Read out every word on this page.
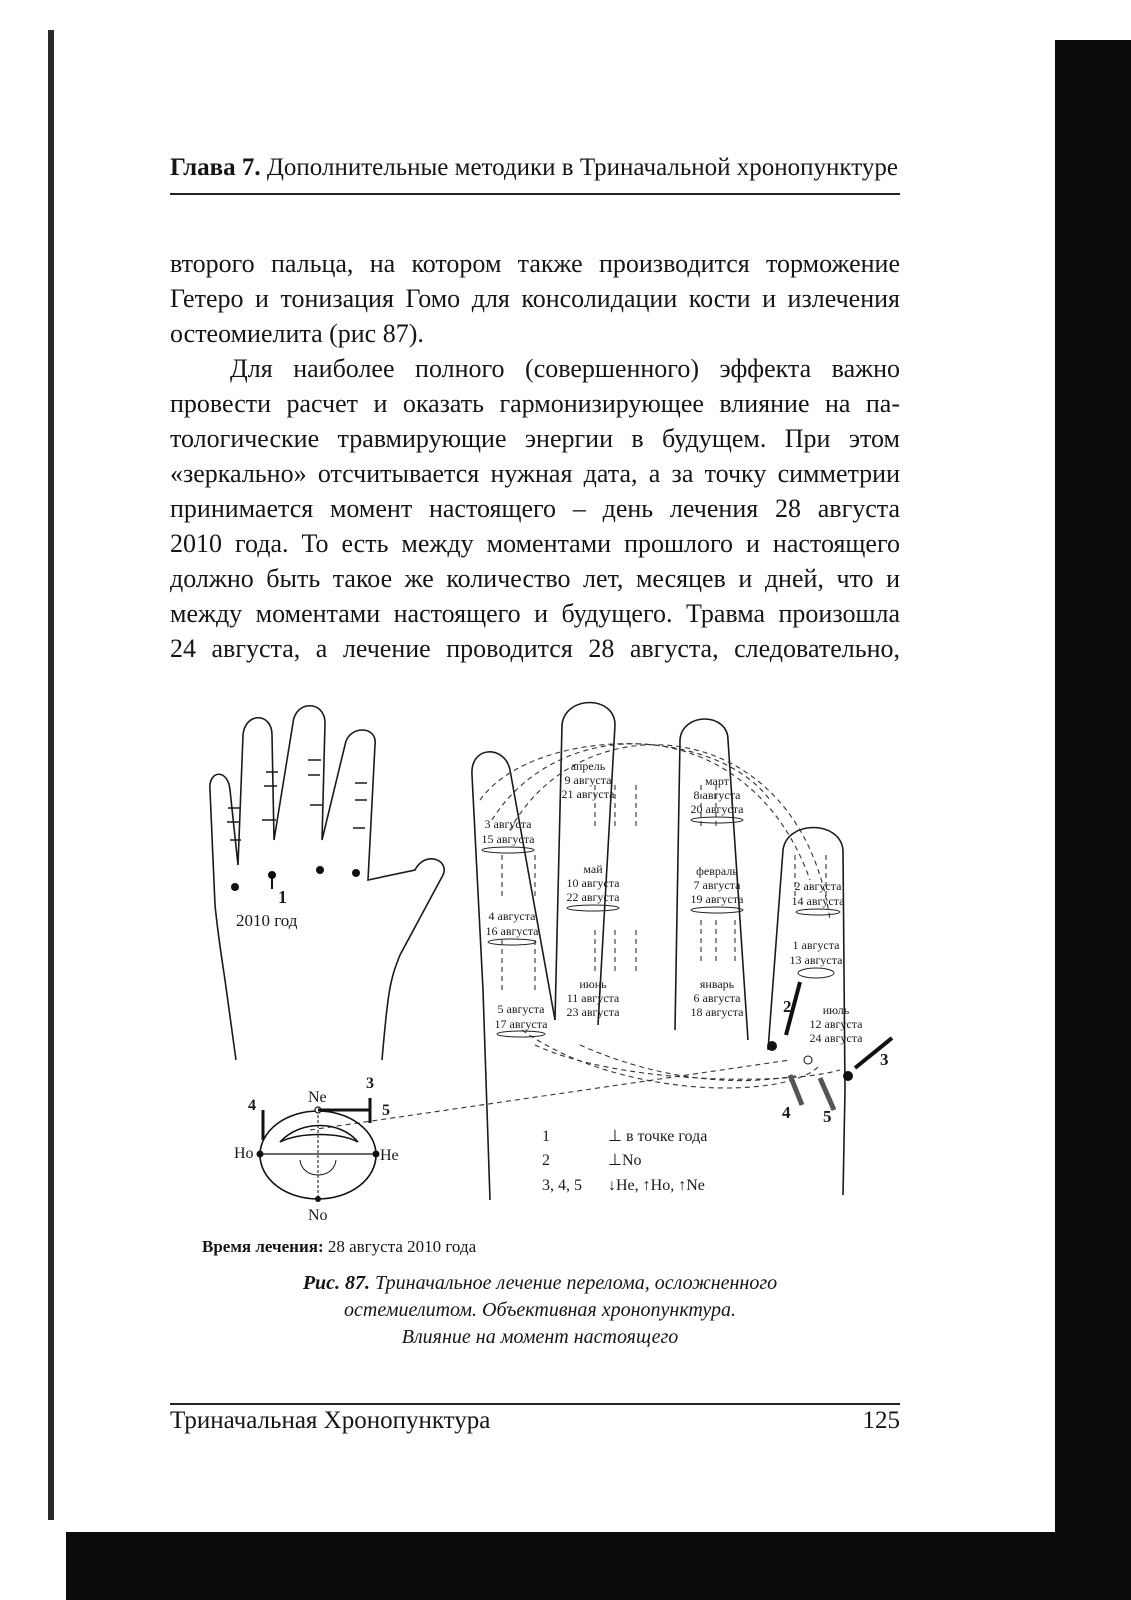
Глава 7. Дополнительные методики в Триначальной хронопунктуре
второго пальца, на котором также производится торможение
Гетеро и тонизация Гомо для консолидации кости и излечения
остеомиелита (рис 87).
Для наиболее полного (совершенного) эффекта важно
провести расчет и оказать гармонизирующее влияние на па-
тологические травмирующие энергии в будущем. При этом
«зеркально» отсчитывается нужная дата, а за точку симметрии
принимается момент настоящего – день лечения 28 августа
2010 года. То есть между моментами прошлого и настоящего
должно быть такое же количество лет, месяцев и дней, что и
между моментами настоящего и будущего. Травма произошла
24 августа, а лечение проводится 28 августа, следовательно,
1
2010 год
3 августа
15 августа
4 августа
16 августа
5 августа
17 августа
апрель
9 августа
21 августа
май
10 августа
22 августа
июнь
11 августа
23 августа
март
8 августа
20 августа
февраль
7 августа
19 августа
январь
6 августа
18 августа
2 августа
14 августа
1 августа
13 августа
июль
12 августа
24 августа
2
3
4 5
Ne
No
Ho	He
4
3
5
1	⊥ в точке года
2	⊥No
3, 4, 5 ↓He, ↑Ho, ↑Ne
Время лечения: 28 августа 2010 года
Рис. 87. Триначальное лечение перелома, осложненного
остемиелитом. Объективная хронопунктура.
Влияние на момент настоящего
Триначальная Хронопунктура	125
